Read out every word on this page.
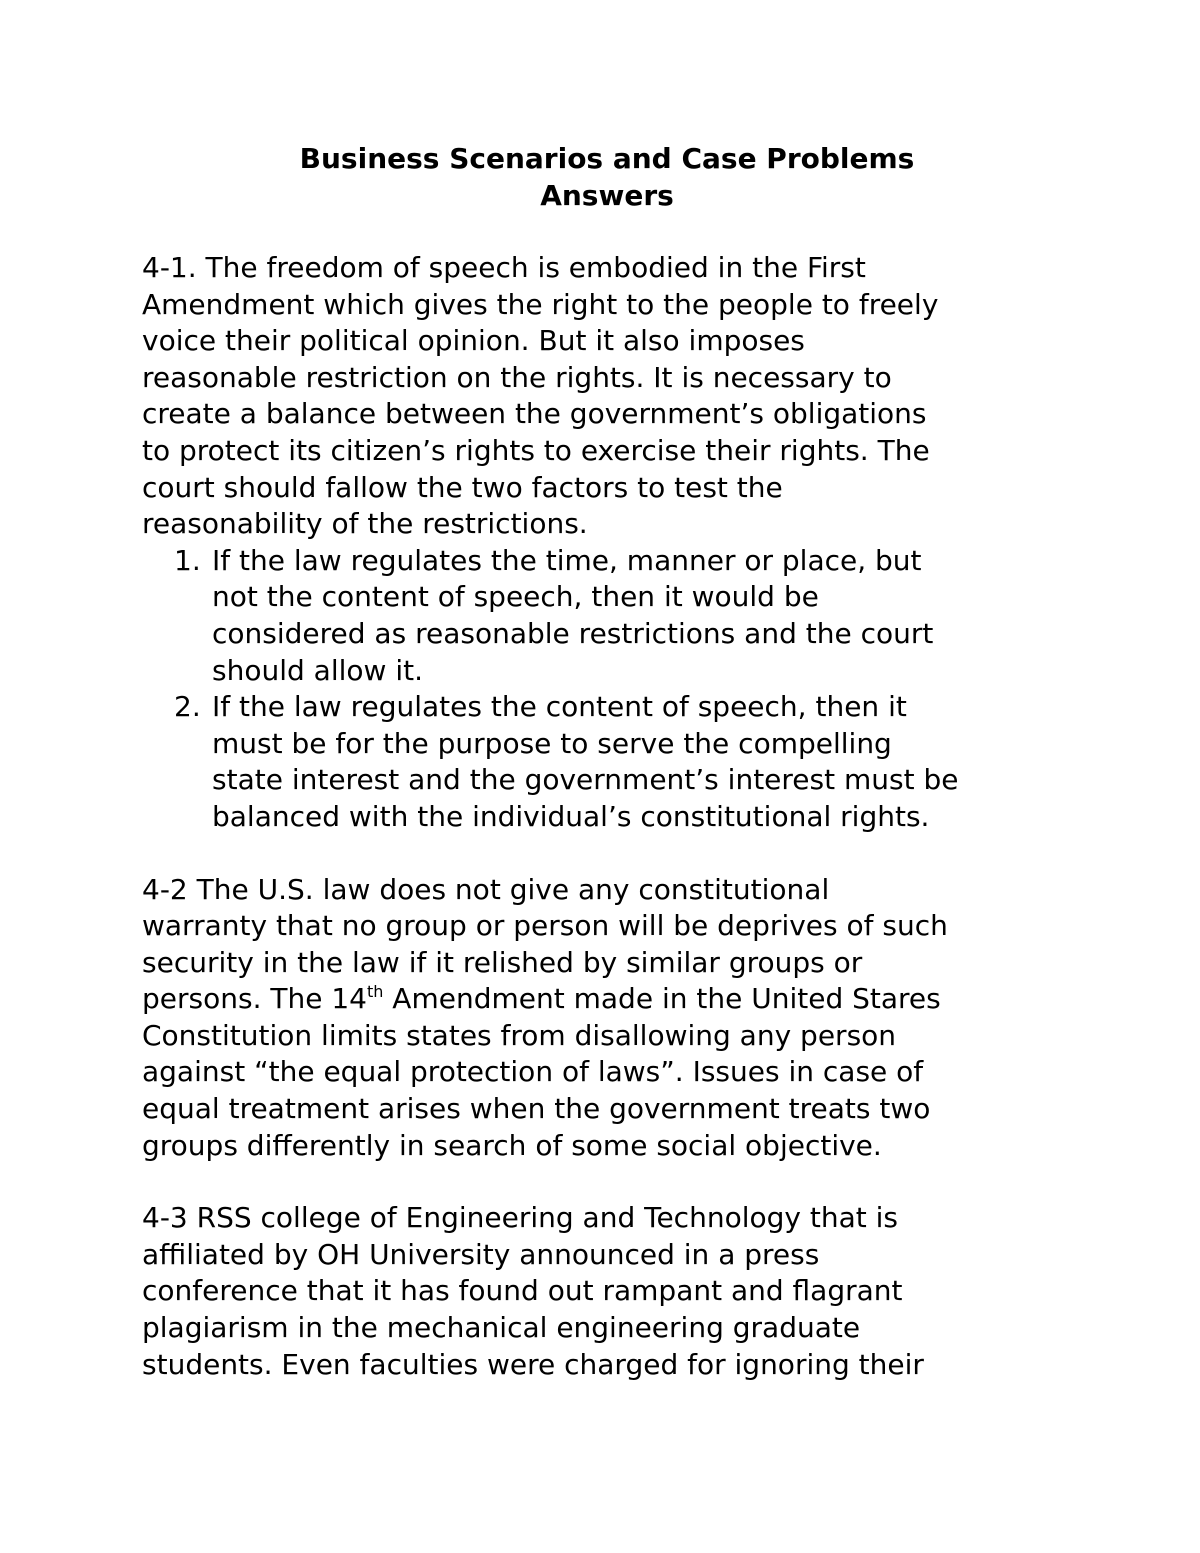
Business Scenarios and Case Problems

Answers

4-1. The freedom of speech is embodied in the First
Amendment which gives the right to the people to freely
voice their political opinion. But it also imposes
reasonable restriction on the rights. It is necessary to
create a balance between the government’s obligations
to protect its citizen’s rights to exercise their rights. The
court should fallow the two factors to test the
reasonability of the restrictions.
1. If the law regulates the time, manner or place, but
not the content of speech, then it would be
considered as reasonable restrictions and the court
should allow it.
2. If the law regulates the content of speech, then it
must be for the purpose to serve the compelling
state interest and the government’s interest must be
balanced with the individual’s constitutional rights.
4-2 The U.S. law does not give any constitutional
warranty that no group or person will be deprives of such
security in the law if it relished by similar groups or
persons. The 14th Amendment made in the United Stares
Constitution limits states from disallowing any person
against “the equal protection of laws”. Issues in case of
equal treatment arises when the government treats two
groups differently in search of some social objective.
4-3 RSS college of Engineering and Technology that is
affiliated by OH University announced in a press
conference that it has found out rampant and flagrant
plagiarism in the mechanical engineering graduate
students. Even faculties were charged for ignoring their
